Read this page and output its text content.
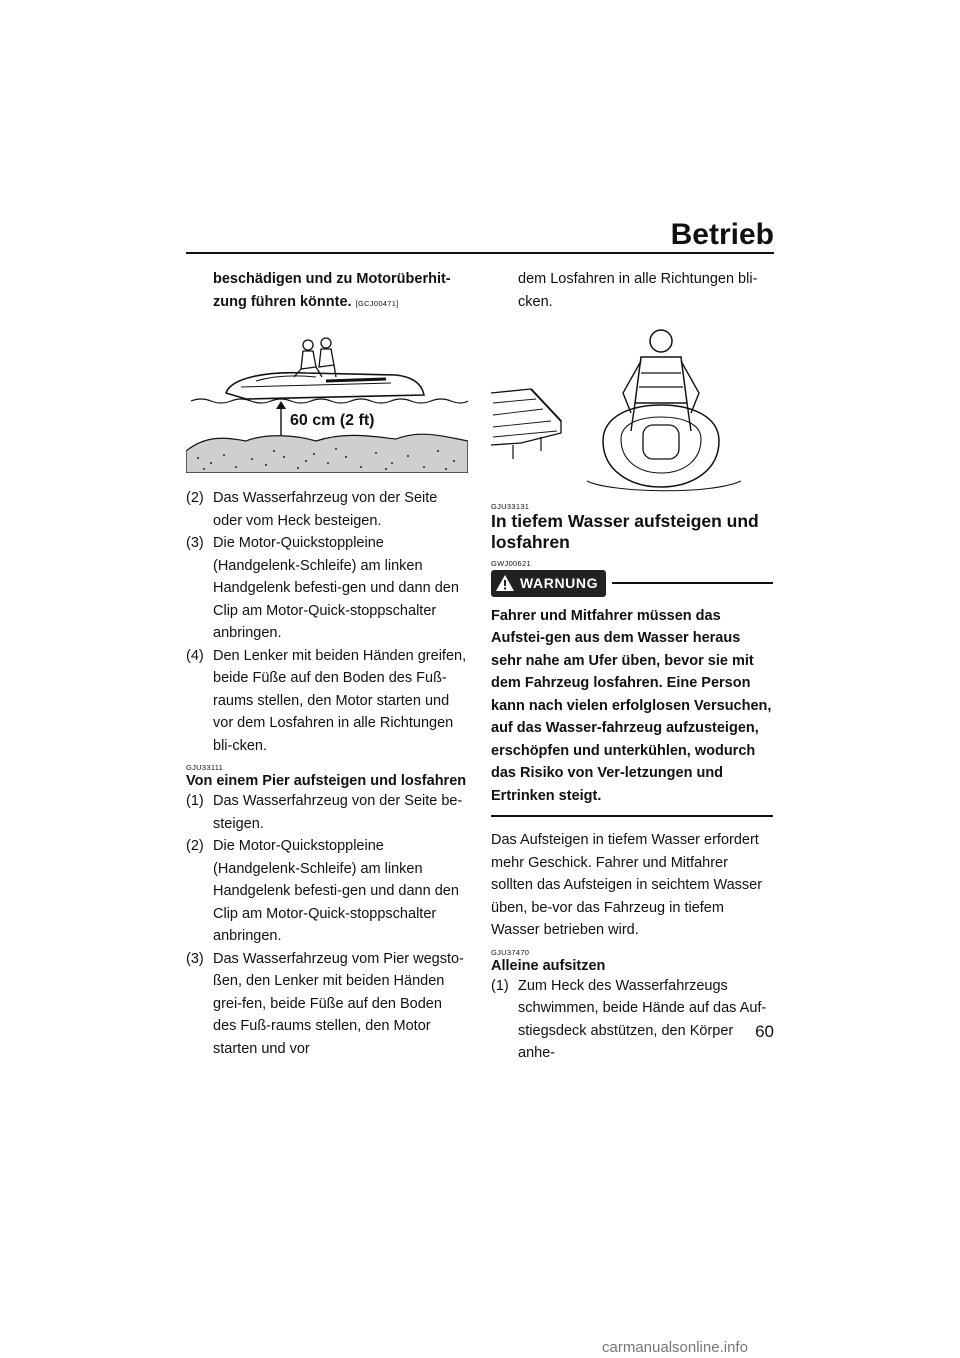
Betrieb
beschädigen und zu Motorüberhit-
zung führen könnte. [GCJ00471]
60 cm (2 ft)
(2) Das Wasserfahrzeug von der Seite oder vom Heck besteigen.
(3) Die Motor-Quickstoppleine (Handgelenk-Schleife) am linken Handgelenk befesti-gen und dann den Clip am Motor-Quick-stoppschalter anbringen.
(4) Den Lenker mit beiden Händen greifen, beide Füße auf den Boden des Fuß-raums stellen, den Motor starten und vor dem Losfahren in alle Richtungen bli-cken.
GJU33111
Von einem Pier aufsteigen und losfahren
(1) Das Wasserfahrzeug von der Seite be-steigen.
(2) Die Motor-Quickstoppleine (Handgelenk-Schleife) am linken Handgelenk befesti-gen und dann den Clip am Motor-Quick-stoppschalter anbringen.
(3) Das Wasserfahrzeug vom Pier wegsto-ßen, den Lenker mit beiden Händen grei-fen, beide Füße auf den Boden des Fuß-raums stellen, den Motor starten und vor
dem Losfahren in alle Richtungen bli-cken.
GJU33131
In tiefem Wasser aufsteigen und losfahren
GWJ00621
WARNUNG
Fahrer und Mitfahrer müssen das Aufstei-gen aus dem Wasser heraus sehr nahe am Ufer üben, bevor sie mit dem Fahrzeug losfahren. Eine Person kann nach vielen erfolglosen Versuchen, auf das Wasser-fahrzeug aufzusteigen, erschöpfen und unterkühlen, wodurch das Risiko von Ver-letzungen und Ertrinken steigt.
Das Aufsteigen in tiefem Wasser erfordert mehr Geschick. Fahrer und Mitfahrer sollten das Aufsteigen in seichtem Wasser üben, be-vor das Fahrzeug in tiefem Wasser betrieben wird.
GJU37470
Alleine aufsitzen
(1) Zum Heck des Wasserfahrzeugs schwimmen, beide Hände auf das Auf-stiegsdeck abstützen, den Körper anhe-
60
carmanualsonline.info
